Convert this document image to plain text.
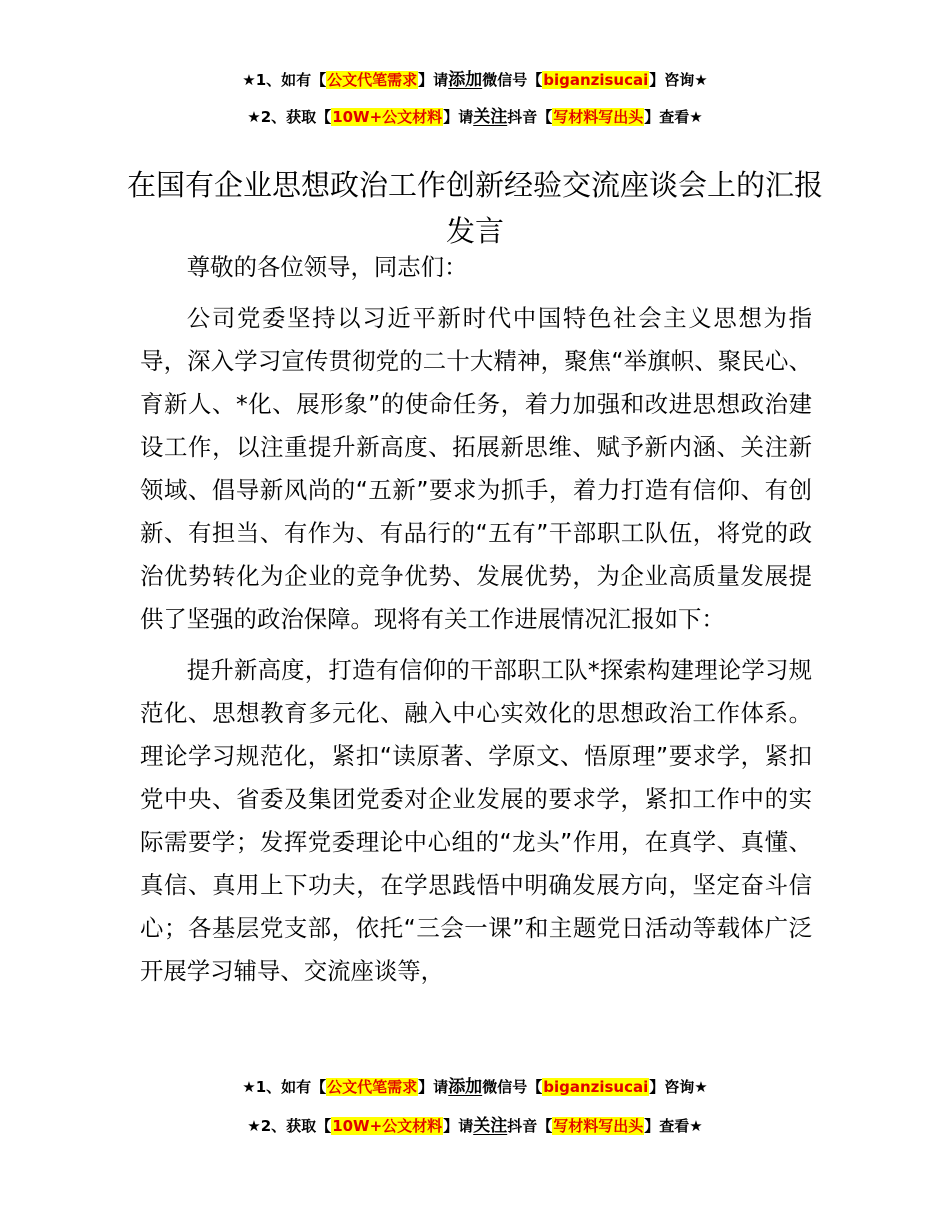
★1、如有【公文代笔需求】请添加微信号【biganzisucai】咨询★
★2、获取【10W+公文材料】请关注抖音【写材料写出头】查看★
在国有企业思想政治工作创新经验交流座谈会上的汇报发言

尊敬的各位领导，同志们：

公司党委坚持以习近平新时代中国特色社会主义思想为指导，深入学习宣传贯彻党的二十大精神，聚焦“举旗帜、聚民心、育新人、*化、展形象”的使命任务，着力加强和改进思想政治建设工作，以注重提升新高度、拓展新思维、赋予新内涵、关注新领域、倡导新风尚的“五新”要求为抓手，着力打造有信仰、有创新、有担当、有作为、有品行的“五有”干部职工队伍，将党的政治优势转化为企业的竞争优势、发展优势，为企业高质量发展提供了坚强的政治保障。现将有关工作进展情况汇报如下：

提升新高度，打造有信仰的干部职工队*探索构建理论学习规范化、思想教育多元化、融入中心实效化的思想政治工作体系。理论学习规范化，紧扣“读原著、学原文、悟原理”要求学，紧扣党中央、省委及集团党委对企业发展的要求学，紧扣工作中的实际需要学；发挥党委理论中心组的“龙头”作用，在真学、真懂、真信、真用上下功夫，在学思践悟中明确发展方向，坚定奋斗信心；各基层党支部，依托“三会一课”和主题党日活动等载体广泛开展学习辅导、交流座谈等，

★1、如有【公文代笔需求】请添加微信号【biganzisucai】咨询★
★2、获取【10W+公文材料】请关注抖音【写材料写出头】查看★
